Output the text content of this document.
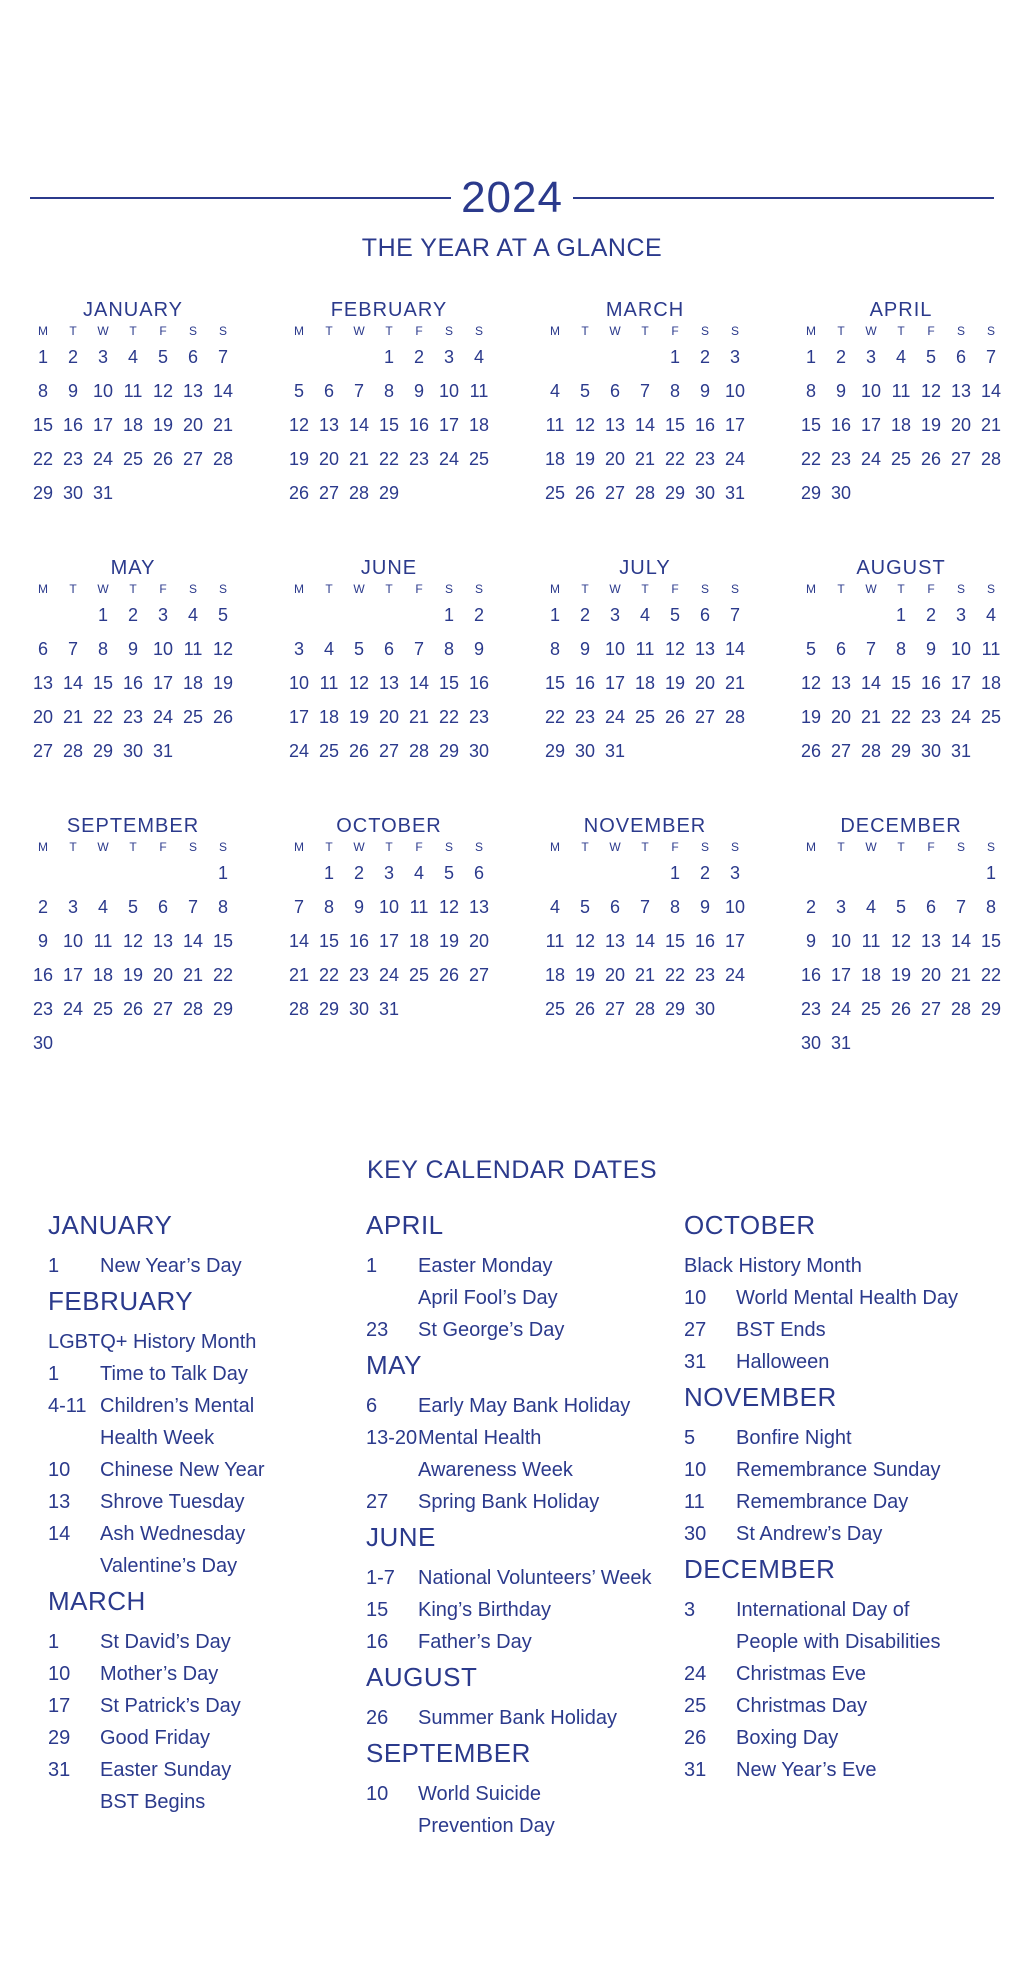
2024
THE YEAR AT A GLANCE
JANUARY
M	T	W	T	F	S	S
1	2	3	4	5	6	7
8	9	10	11	12	13	14
15	16	17	18	19	20	21
22	23	24	25	26	27	28
29	30	31				
FEBRUARY
M	T	W	T	F	S	S
			1	2	3	4
5	6	7	8	9	10	11
12	13	14	15	16	17	18
19	20	21	22	23	24	25
26	27	28	29			
MARCH
M	T	W	T	F	S	S
				1	2	3
4	5	6	7	8	9	10
11	12	13	14	15	16	17
18	19	20	21	22	23	24
25	26	27	28	29	30	31
APRIL
M	T	W	T	F	S	S
1	2	3	4	5	6	7
8	9	10	11	12	13	14
15	16	17	18	19	20	21
22	23	24	25	26	27	28
29	30					
MAY
M	T	W	T	F	S	S
		1	2	3	4	5
6	7	8	9	10	11	12
13	14	15	16	17	18	19
20	21	22	23	24	25	26
27	28	29	30	31		
JUNE
M	T	W	T	F	S	S
					1	2
3	4	5	6	7	8	9
10	11	12	13	14	15	16
17	18	19	20	21	22	23
24	25	26	27	28	29	30
JULY
M	T	W	T	F	S	S
1	2	3	4	5	6	7
8	9	10	11	12	13	14
15	16	17	18	19	20	21
22	23	24	25	26	27	28
29	30	31				
AUGUST
M	T	W	T	F	S	S
			1	2	3	4
5	6	7	8	9	10	11
12	13	14	15	16	17	18
19	20	21	22	23	24	25
26	27	28	29	30	31	
SEPTEMBER
M	T	W	T	F	S	S
						1
2	3	4	5	6	7	8
9	10	11	12	13	14	15
16	17	18	19	20	21	22
23	24	25	26	27	28	29
30						
OCTOBER
M	T	W	T	F	S	S
	1	2	3	4	5	6
7	8	9	10	11	12	13
14	15	16	17	18	19	20
21	22	23	24	25	26	27
28	29	30	31			
NOVEMBER
M	T	W	T	F	S	S
				1	2	3
4	5	6	7	8	9	10
11	12	13	14	15	16	17
18	19	20	21	22	23	24
25	26	27	28	29	30	
DECEMBER
M	T	W	T	F	S	S
						1
2	3	4	5	6	7	8
9	10	11	12	13	14	15
16	17	18	19	20	21	22
23	24	25	26	27	28	29
30	31					
KEY CALENDAR DATES
JANUARY
1	New Year’s Day
FEBRUARY
LGBTQ+ History Month
1	Time to Talk Day
4-11 Children’s Mental
Health Week
10	Chinese New Year
13	Shrove Tuesday
14	Ash Wednesday
Valentine’s Day
MARCH
1	St David’s Day
10	Mother’s Day
17	St Patrick’s Day
29	Good Friday
31	Easter Sunday
BST Begins
APRIL
1	Easter Monday
April Fool’s Day
23	St George’s Day
MAY
6	Early May Bank Holiday
13-20 Mental Health
Awareness Week
27	Spring Bank Holiday
JUNE
1-7	National Volunteers’ Week
15	King’s Birthday
16	Father’s Day
AUGUST
26	Summer Bank Holiday
SEPTEMBER
10	World Suicide
Prevention Day
OCTOBER
Black History Month
10	World Mental Health Day
27	BST Ends
31	Halloween
NOVEMBER
5	Bonfire Night
10	Remembrance Sunday
11	Remembrance Day
30	St Andrew’s Day
DECEMBER
3	International Day of
People with Disabilities
24	Christmas Eve
25	Christmas Day
26	Boxing Day
31	New Year’s Eve
